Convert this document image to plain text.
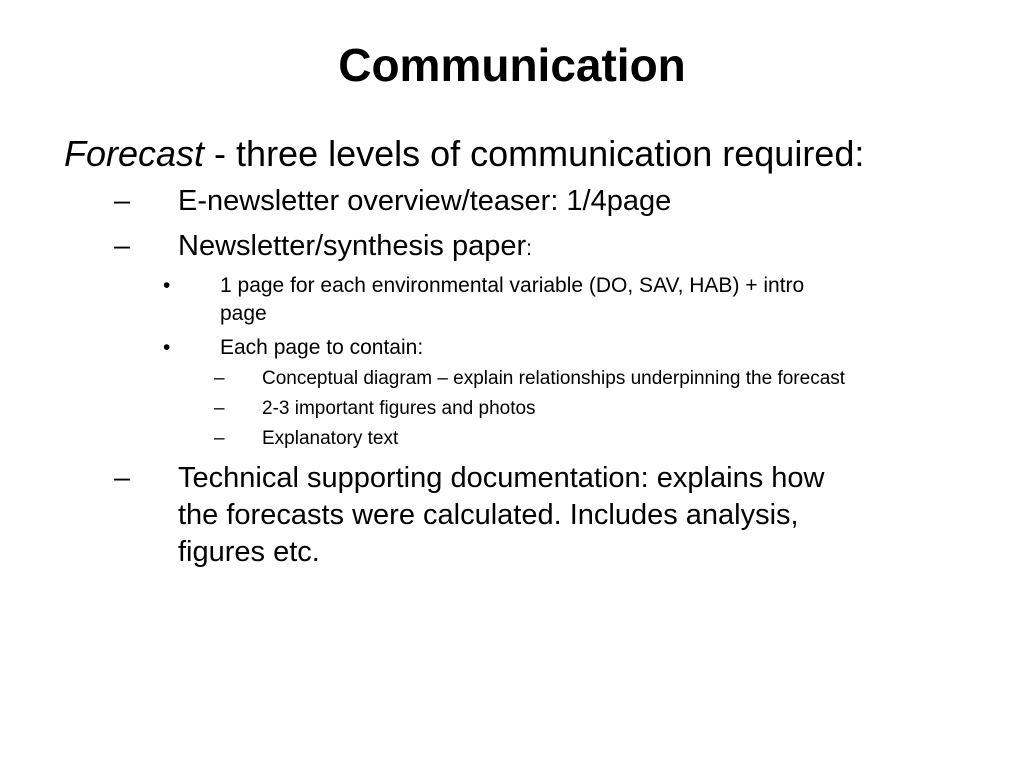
Communication
Forecast - three levels of communication required:
– E-newsletter overview/teaser: 1/4page
– Newsletter/synthesis paper:
• 1 page for each environmental variable (DO, SAV, HAB) + intro
page
• Each page to contain:
– Conceptual diagram – explain relationships underpinning the forecast
– 2-3 important figures and photos
– Explanatory text
– Technical supporting documentation: explains how
the forecasts were calculated. Includes analysis,
figures etc.
